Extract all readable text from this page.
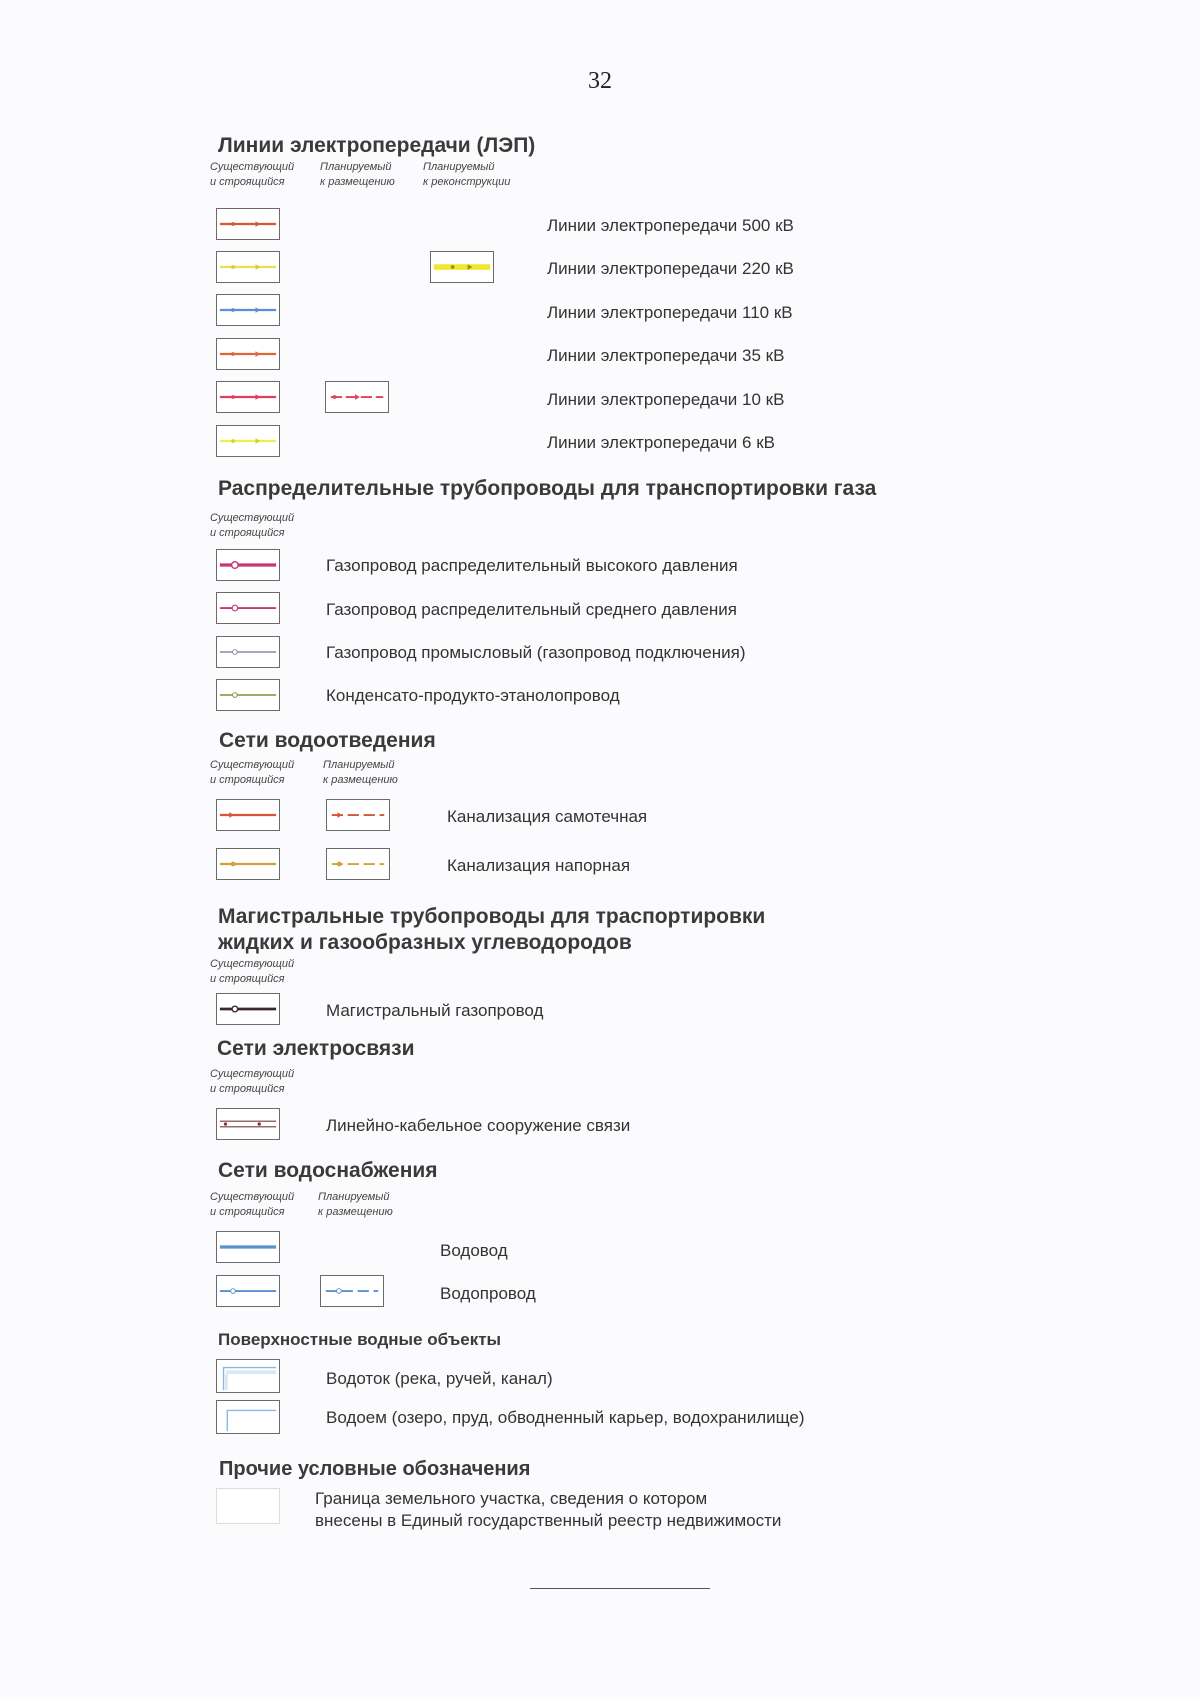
32
Линии электропередачи (ЛЭП)
Существующий
и строящийся
Планируемый
к размещению
Планируемый
к реконструкции
Линии электропередачи 500 кВ
Линии электропередачи 220 кВ
Линии электропередачи 110 кВ
Линии электропередачи 35 кВ
Линии электропередачи 10 кВ
Линии электропередачи 6 кВ
Распределительные трубопроводы для транспортировки газа
Существующий
и строящийся
Газопровод распределительный высокого давления
Газопровод распределительный среднего давления
Газопровод промысловый (газопровод подключения)
Конденсато-продукто-этанолопровод
Сети водоотведения
Существующий
и строящийся
Планируемый
к размещению
Канализация самотечная
Канализация напорная
Магистральные трубопроводы для траспортировки
жидких и газообразных углеводородов
Существующий
и строящийся
Магистральный газопровод
Сети электросвязи
Существующий
и строящийся
Линейно-кабельное сооружение связи
Сети водоснабжения
Существующий
и строящийся
Планируемый
к размещению
Водовод
Водопровод
Поверхностные водные объекты
Водоток (река, ручей, канал)
Водоем (озеро, пруд, обводненный карьер, водохранилище)
Прочие условные обозначения
Граница земельного участка, сведения о котором
внесены в Единый государственный реестр недвижимости
